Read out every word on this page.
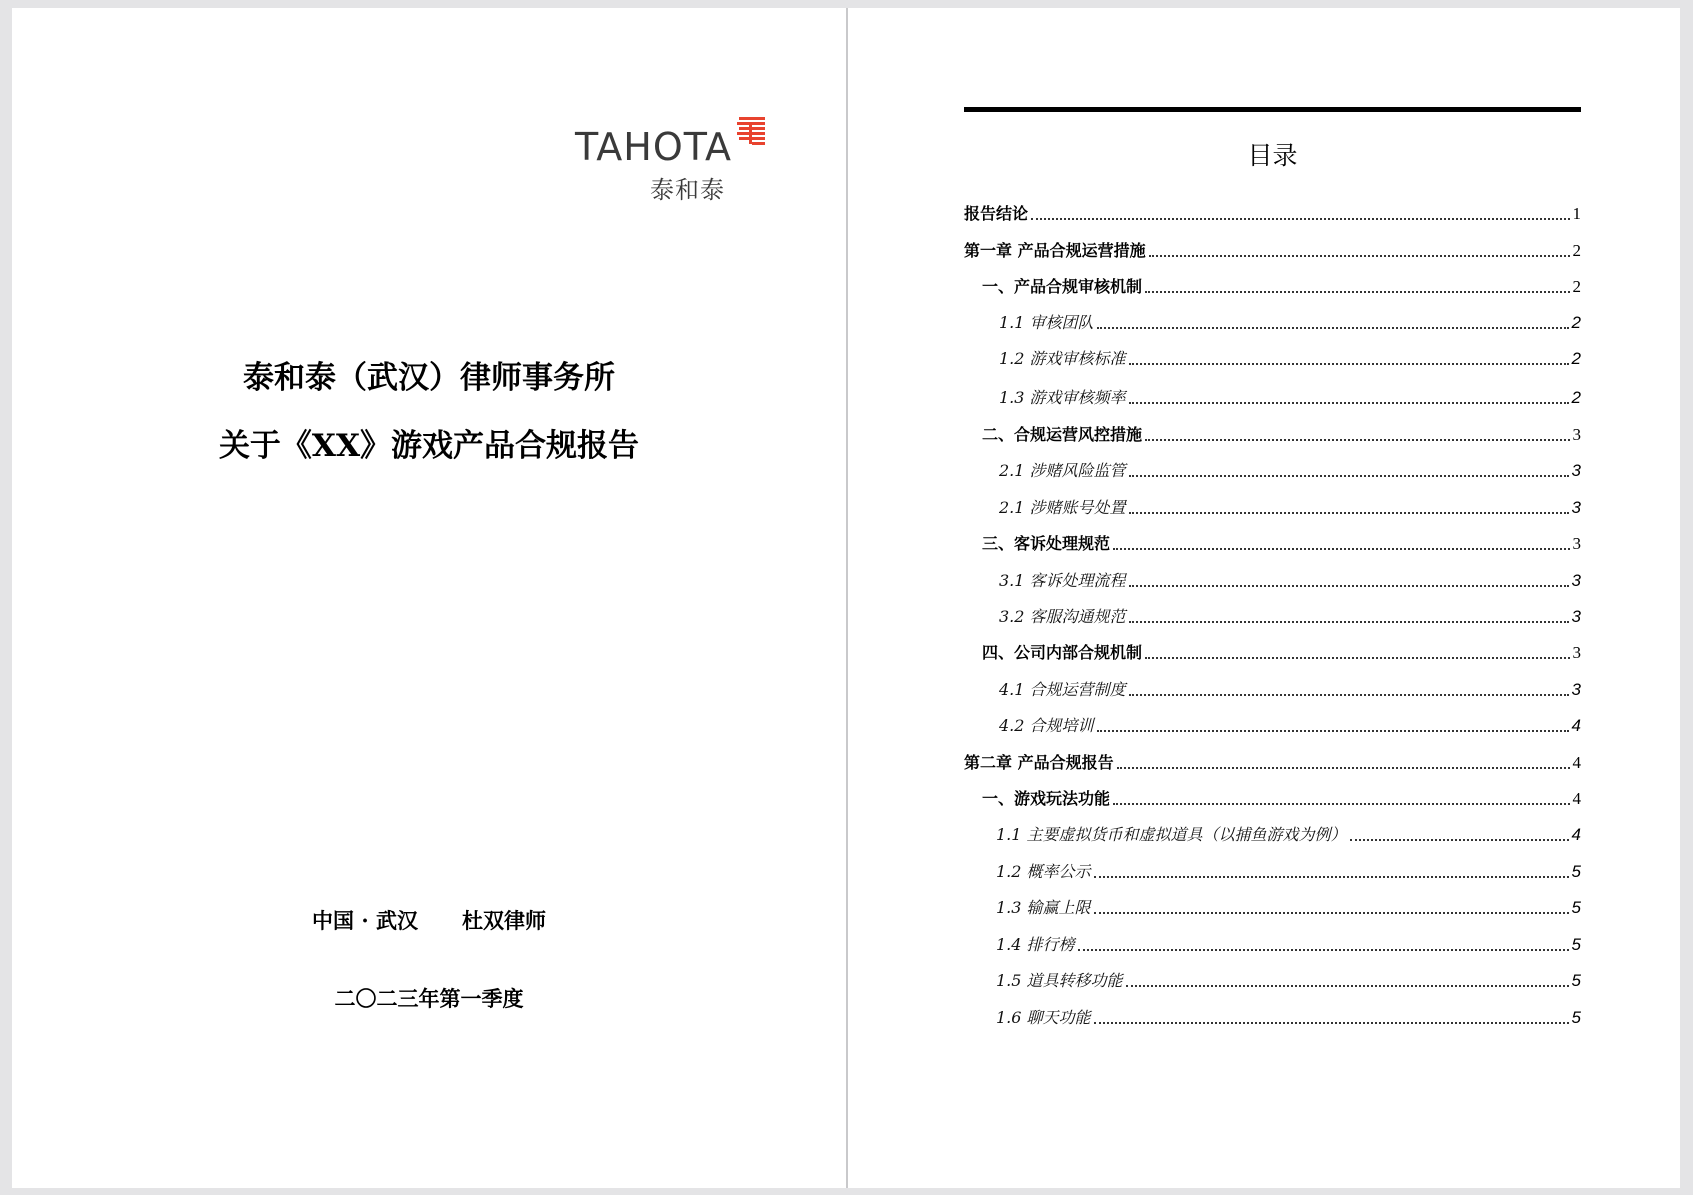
TAHOTA
泰和泰
泰和泰（武汉）律师事务所
关于《XX》游戏产品合规报告
中国 · 武汉 杜双律师
二〇二三年第一季度
目录
报告结论	1
第一章 产品合规运营措施	2
一、产品合规审核机制	2
1.1 审核团队	2
1.2 游戏审核标准	2
1.3 游戏审核频率	2
二、合规运营风控措施	3
2.1 涉赌风险监管	3
2.1 涉赌账号处置	3
三、客诉处理规范	3
3.1 客诉处理流程	3
3.2 客服沟通规范	3
四、公司内部合规机制	3
4.1 合规运营制度	3
4.2 合规培训	4
第二章 产品合规报告	4
一、游戏玩法功能	4
1.1 主要虚拟货币和虚拟道具（以捕鱼游戏为例）	4
1.2 概率公示	5
1.3 输赢上限	5
1.4 排行榜	5
1.5 道具转移功能	5
1.6 聊天功能	5
